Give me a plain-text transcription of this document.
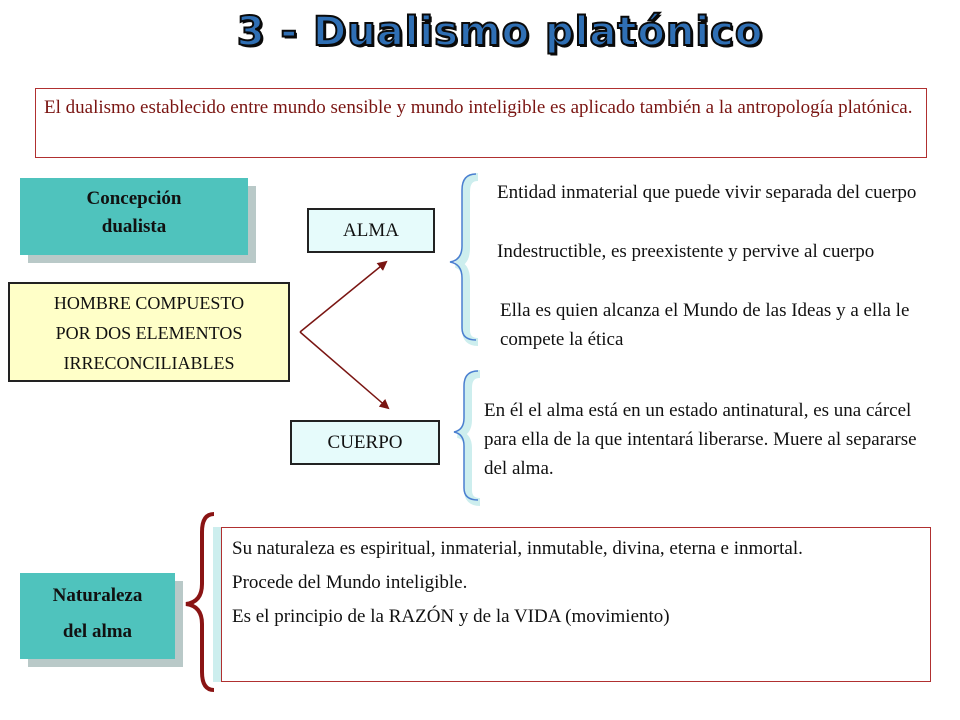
3 - Dualismo platónico
El dualismo establecido entre mundo sensible y mundo inteligible es aplicado también a la antropología platónica.
Concepción
dualista
HOMBRE COMPUESTO
POR DOS ELEMENTOS
IRRECONCILIABLES
ALMA
CUERPO
Entidad inmaterial que puede vivir separada del cuerpo
Indestructible, es preexistente y pervive al cuerpo
Ella es quien alcanza el Mundo de las Ideas y a ella le compete la ética
En él el alma está en un estado antinatural, es una cárcel para ella de la que intentará liberarse. Muere al separarse del alma.
Naturaleza
del alma

Su naturaleza es espiritual, inmaterial, inmutable, divina, eterna e inmortal.

Procede del Mundo inteligible.

Es el principio de la RAZÓN y de la VIDA (movimiento)
